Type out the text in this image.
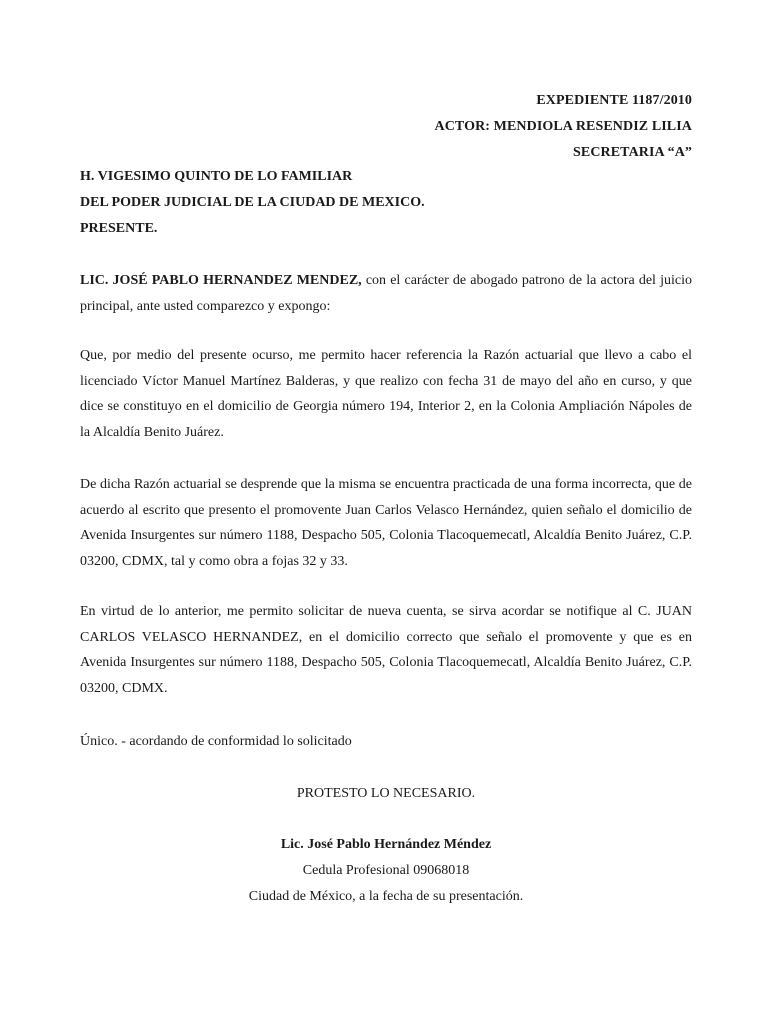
EXPEDIENTE 1187/2010
ACTOR: MENDIOLA RESENDIZ LILIA
SECRETARIA “A”
H. VIGESIMO QUINTO DE LO FAMILIAR
DEL PODER JUDICIAL DE LA CIUDAD DE MEXICO.
PRESENTE.

LIC. JOSÉ PABLO HERNANDEZ MENDEZ, con el carácter de abogado patrono de la actora del juicio principal, ante usted comparezco y expongo:

Que, por medio del presente ocurso, me permito hacer referencia la Razón actuarial que llevo a cabo el licenciado Víctor Manuel Martínez Balderas, y que realizo con fecha 31 de mayo del año en curso, y que dice se constituyo en el domicilio de Georgia número 194, Interior 2, en la Colonia Ampliación Nápoles de la Alcaldía Benito Juárez.

De dicha Razón actuarial se desprende que la misma se encuentra practicada de una forma incorrecta, que de acuerdo al escrito que presento el promovente Juan Carlos Velasco Hernández, quien señalo el domicilio de Avenida Insurgentes sur número 1188, Despacho 505, Colonia Tlacoquemecatl, Alcaldía Benito Juárez, C.P. 03200, CDMX, tal y como obra a fojas 32 y 33.

En virtud de lo anterior, me permito solicitar de nueva cuenta, se sirva acordar se notifique al C. JUAN CARLOS VELASCO HERNANDEZ, en el domicilio correcto que señalo el promovente y que es en Avenida Insurgentes sur número 1188, Despacho 505, Colonia Tlacoquemecatl, Alcaldía Benito Juárez, C.P. 03200, CDMX.

Único. - acordando de conformidad lo solicitado

PROTESTO LO NECESARIO.
Lic. José Pablo Hernández Méndez
Cedula Profesional 09068018
Ciudad de México, a la fecha de su presentación.
